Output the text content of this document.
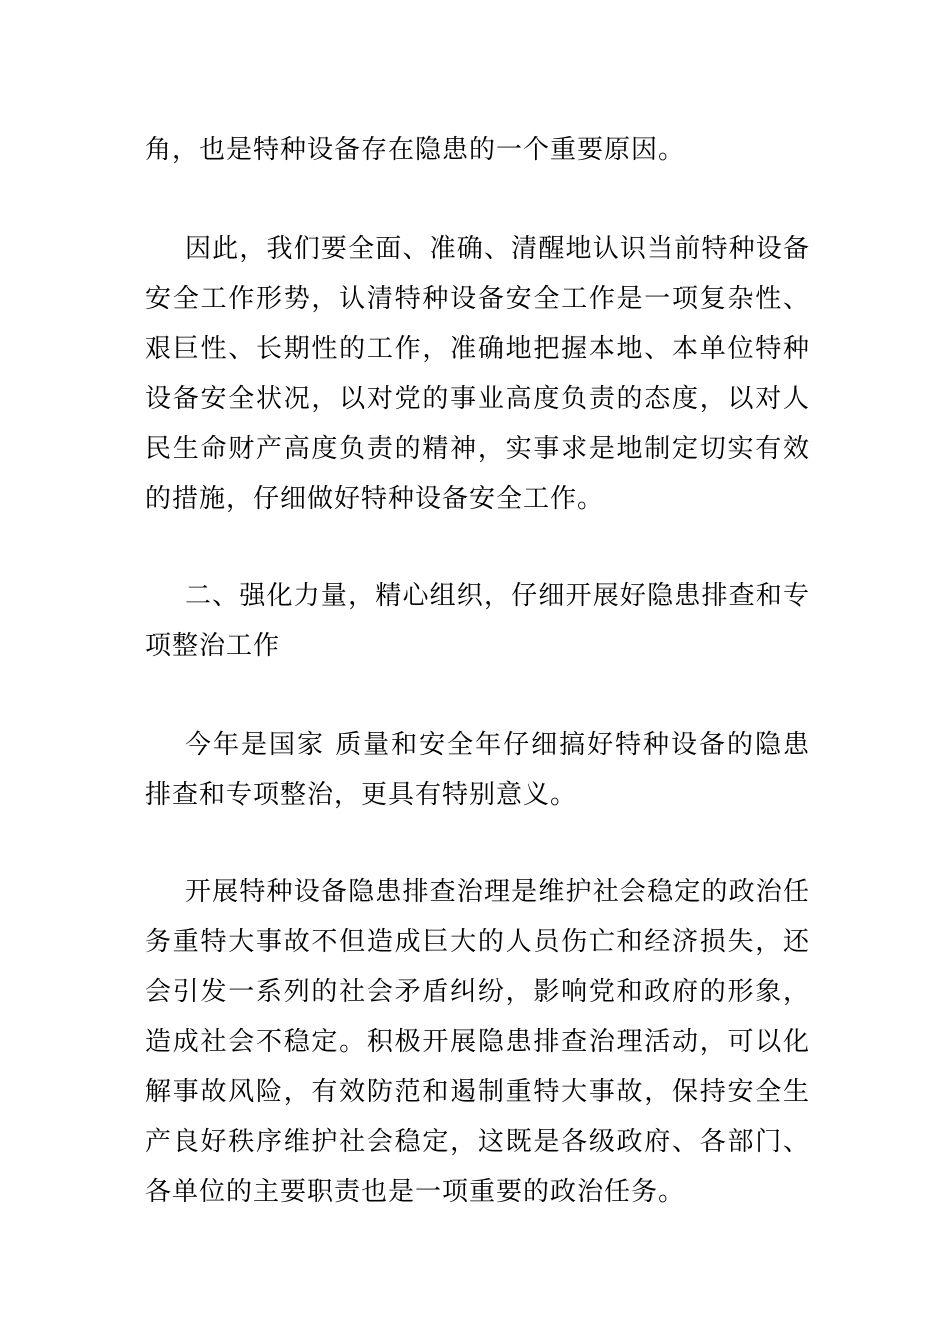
角，也是特种设备存在隐患的一个重要原因。

因此，我们要全面、准确、清醒地认识当前特种设备安全工作形势，认清特种设备安全工作是一项复杂性、艰巨性、长期性的工作，准确地把握本地、本单位特种设备安全状况，以对党的事业高度负责的态度，以对人民生命财产高度负责的精神，实事求是地制定切实有效的措施，仔细做好特种设备安全工作。

二、强化力量，精心组织，仔细开展好隐患排查和专项整治工作

今年是国家 质量和安全年仔细搞好特种设备的隐患排查和专项整治，更具有特别意义。

开展特种设备隐患排查治理是维护社会稳定的政治任务重特大事故不但造成巨大的人员伤亡和经济损失，还会引发一系列的社会矛盾纠纷，影响党和政府的形象，造成社会不稳定。积极开展隐患排查治理活动，可以化解事故风险，有效防范和遏制重特大事故，保持安全生产良好秩序维护社会稳定，这既是各级政府、各部门、各单位的主要职责也是一项重要的政治任务。
